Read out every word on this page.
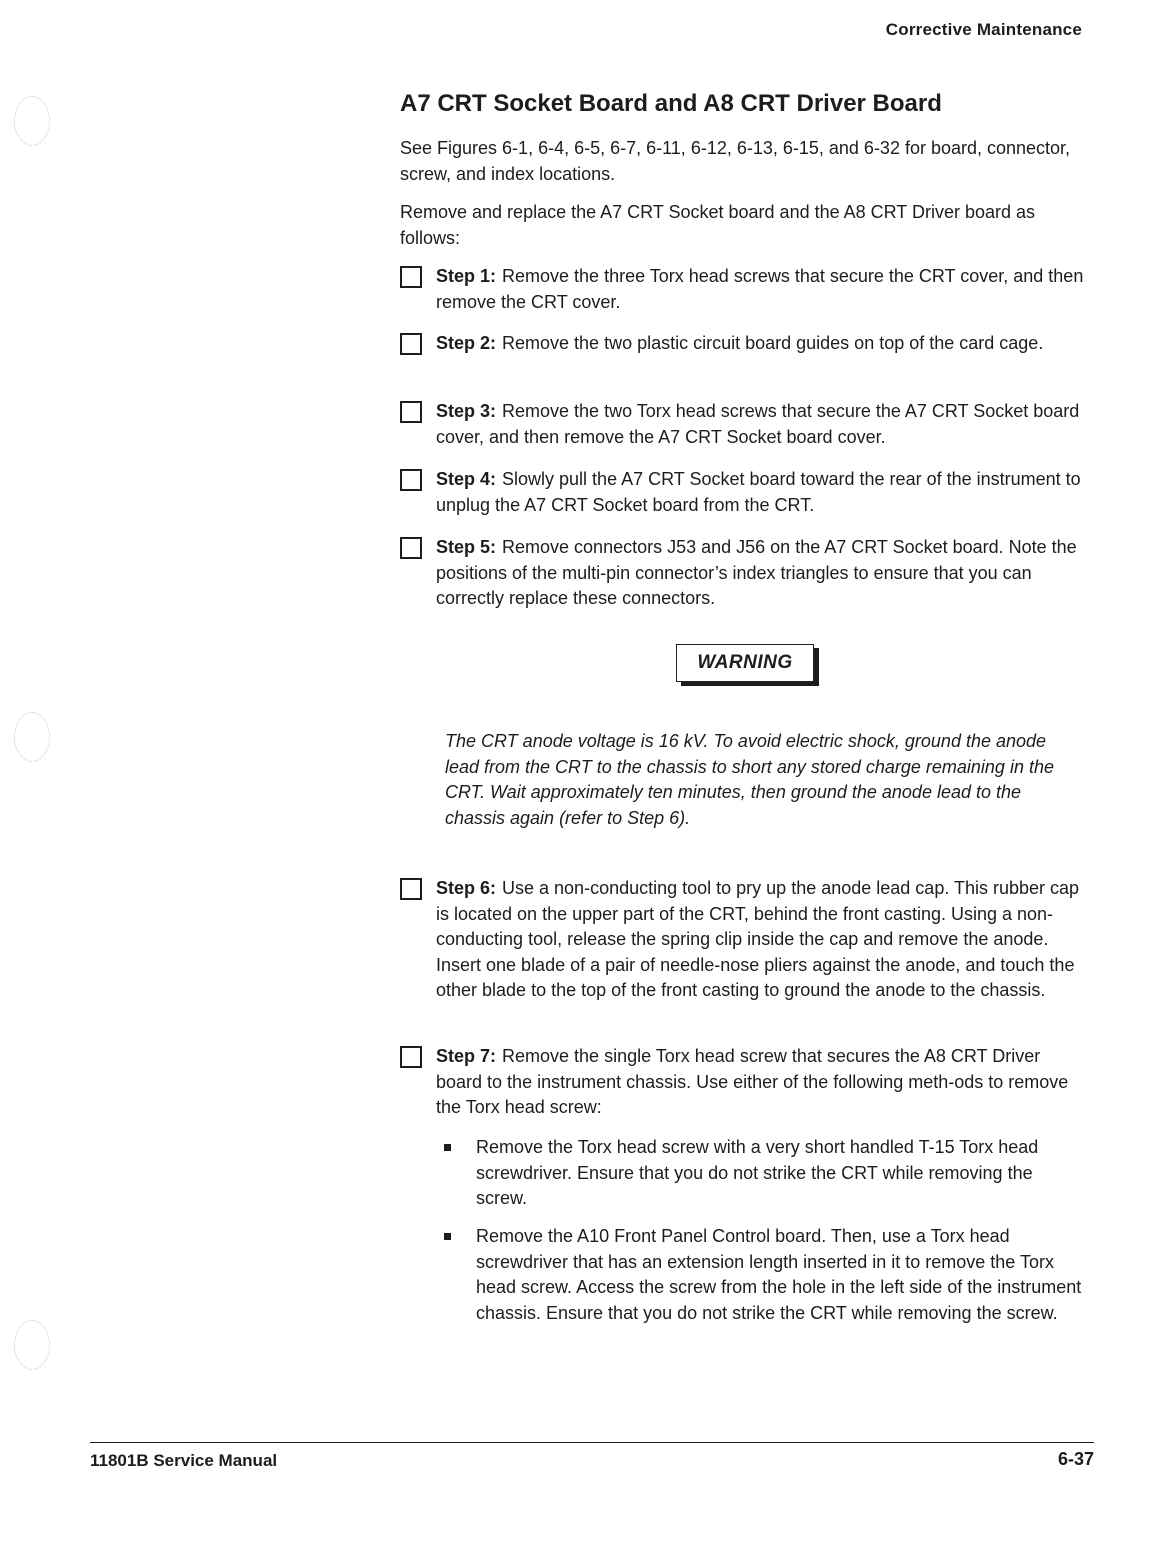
Corrective Maintenance
A7 CRT Socket Board and A8 CRT Driver Board

See Figures 6-1, 6-4, 6-5, 6-7, 6-11, 6-12, 6-13, 6-15, and 6-32 for board, connector, screw, and index locations.

Remove and replace the A7 CRT Socket board and the A8 CRT Driver board as follows:

Step 1: Remove the three Torx head screws that secure the CRT cover, and then remove the CRT cover.
Step 2: Remove the two plastic circuit board guides on top of the card cage.
Step 3: Remove the two Torx head screws that secure the A7 CRT Socket board cover, and then remove the A7 CRT Socket board cover.
Step 4: Slowly pull the A7 CRT Socket board toward the rear of the instrument to unplug the A7 CRT Socket board from the CRT.
Step 5: Remove connectors J53 and J56 on the A7 CRT Socket board. Note the positions of the multi-pin connector’s index triangles to ensure that you can correctly replace these connectors.
WARNING

The CRT anode voltage is 16 kV. To avoid electric shock, ground the anode lead from the CRT to the chassis to short any stored charge remaining in the CRT. Wait approximately ten minutes, then ground the anode lead to the chassis again (refer to Step 6).

Step 6: Use a non-conducting tool to pry up the anode lead cap. This rubber cap is located on the upper part of the CRT, behind the front casting. Using a non-conducting tool, release the spring clip inside the cap and remove the anode. Insert one blade of a pair of needle-nose pliers against the anode, and touch the other blade to the top of the front casting to ground the anode to the chassis.
Step 7: Remove the single Torx head screw that secures the A8 CRT Driver board to the instrument chassis. Use either of the following meth-ods to remove the Torx head screw:
Remove the Torx head screw with a very short handled T-15 Torx head screwdriver. Ensure that you do not strike the CRT while removing the screw.
Remove the A10 Front Panel Control board. Then, use a Torx head screwdriver that has an extension length inserted in it to remove the Torx head screw. Access the screw from the hole in the left side of the instrument chassis. Ensure that you do not strike the CRT while removing the screw.
11801B Service Manual	6-37
